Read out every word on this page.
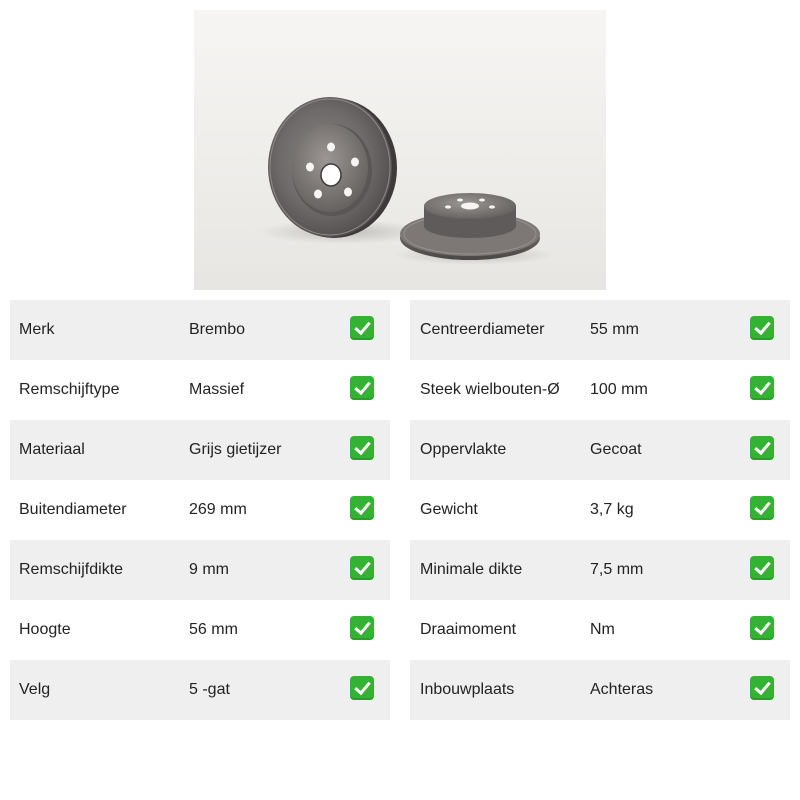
Merk	Brembo
Remschijftype	Massief
Materiaal	Grijs gietijzer
Buitendiameter	269 mm
Remschijfdikte	9 mm
Hoogte	56 mm
Velg	5 -gat
Centreerdiameter	55 mm
Steek wielbouten-Ø 100 mm
Oppervlakte	Gecoat
Gewicht	3,7 kg
Minimale dikte	7,5 mm
Draaimoment	Nm
Inbouwplaats	Achteras
